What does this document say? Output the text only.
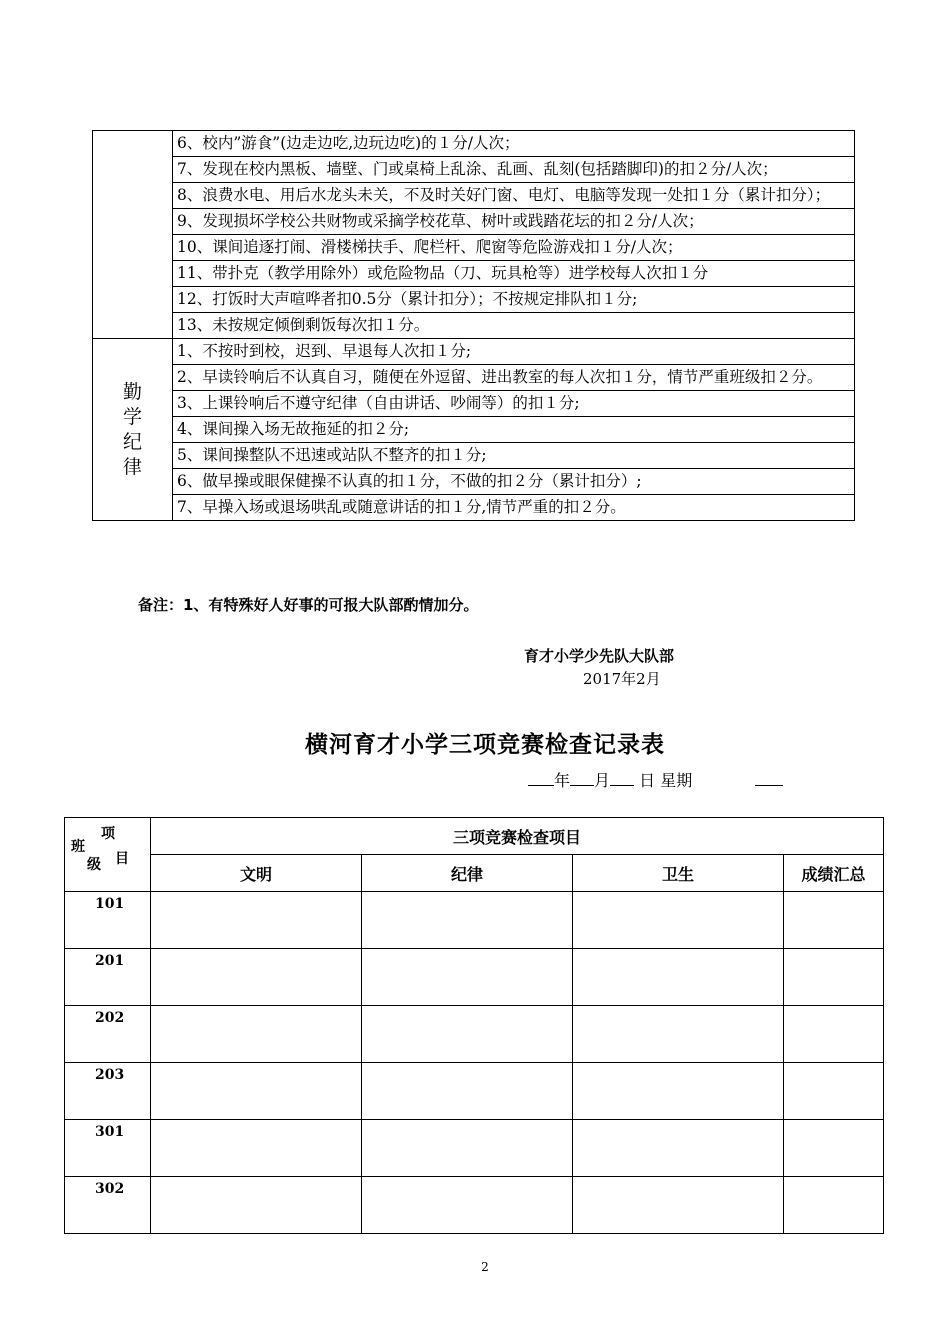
	6、校内”游食”(边走边吃,边玩边吃)的１分/人次；
	7、发现在校内黑板、墙壁、门或桌椅上乱涂、乱画、乱刻(包括踏脚印)的扣２分/人次；
	8、浪费水电、用后水龙头未关，不及时关好门窗、电灯、电脑等发现一处扣１分（累计扣分）；
	9、发现损坏学校公共财物或采摘学校花草、树叶或践踏花坛的扣２分/人次；
	10、课间追逐打闹、滑楼梯扶手、爬栏杆、爬窗等危险游戏扣１分/人次；
	11、带扑克（教学用除外）或危险物品（刀、玩具枪等）进学校每人次扣１分
	12、打饭时大声喧哗者扣0.5分（累计扣分）；不按规定排队扣１分;
	13、未按规定倾倒剩饭每次扣１分。
勤学纪律	1、不按时到校，迟到、早退每人次扣１分;
	2、早读铃响后不认真自习，随便在外逗留、进出教室的每人次扣１分，情节严重班级扣２分。
	3、上课铃响后不遵守纪律（自由讲话、吵闹等）的扣１分;
	4、课间操入场无故拖延的扣２分;
	5、课间操整队不迅速或站队不整齐的扣１分;
	6、做早操或眼保健操不认真的扣１分，不做的扣２分（累计扣分）;
	7、早操入场或退场哄乱或随意讲话的扣１分,情节严重的扣２分。
备注：1、有特殊好人好事的可报大队部酌情加分。
育才小学少先队大队部
2017年2月
横河育才小学三项竞赛检查记录表
年 月 日 星期
项
目
班
级	三项竞赛检查项目			
	文明	纪律	卫生	成绩汇总
101				
201				
202				
203				
301				
302				
2
